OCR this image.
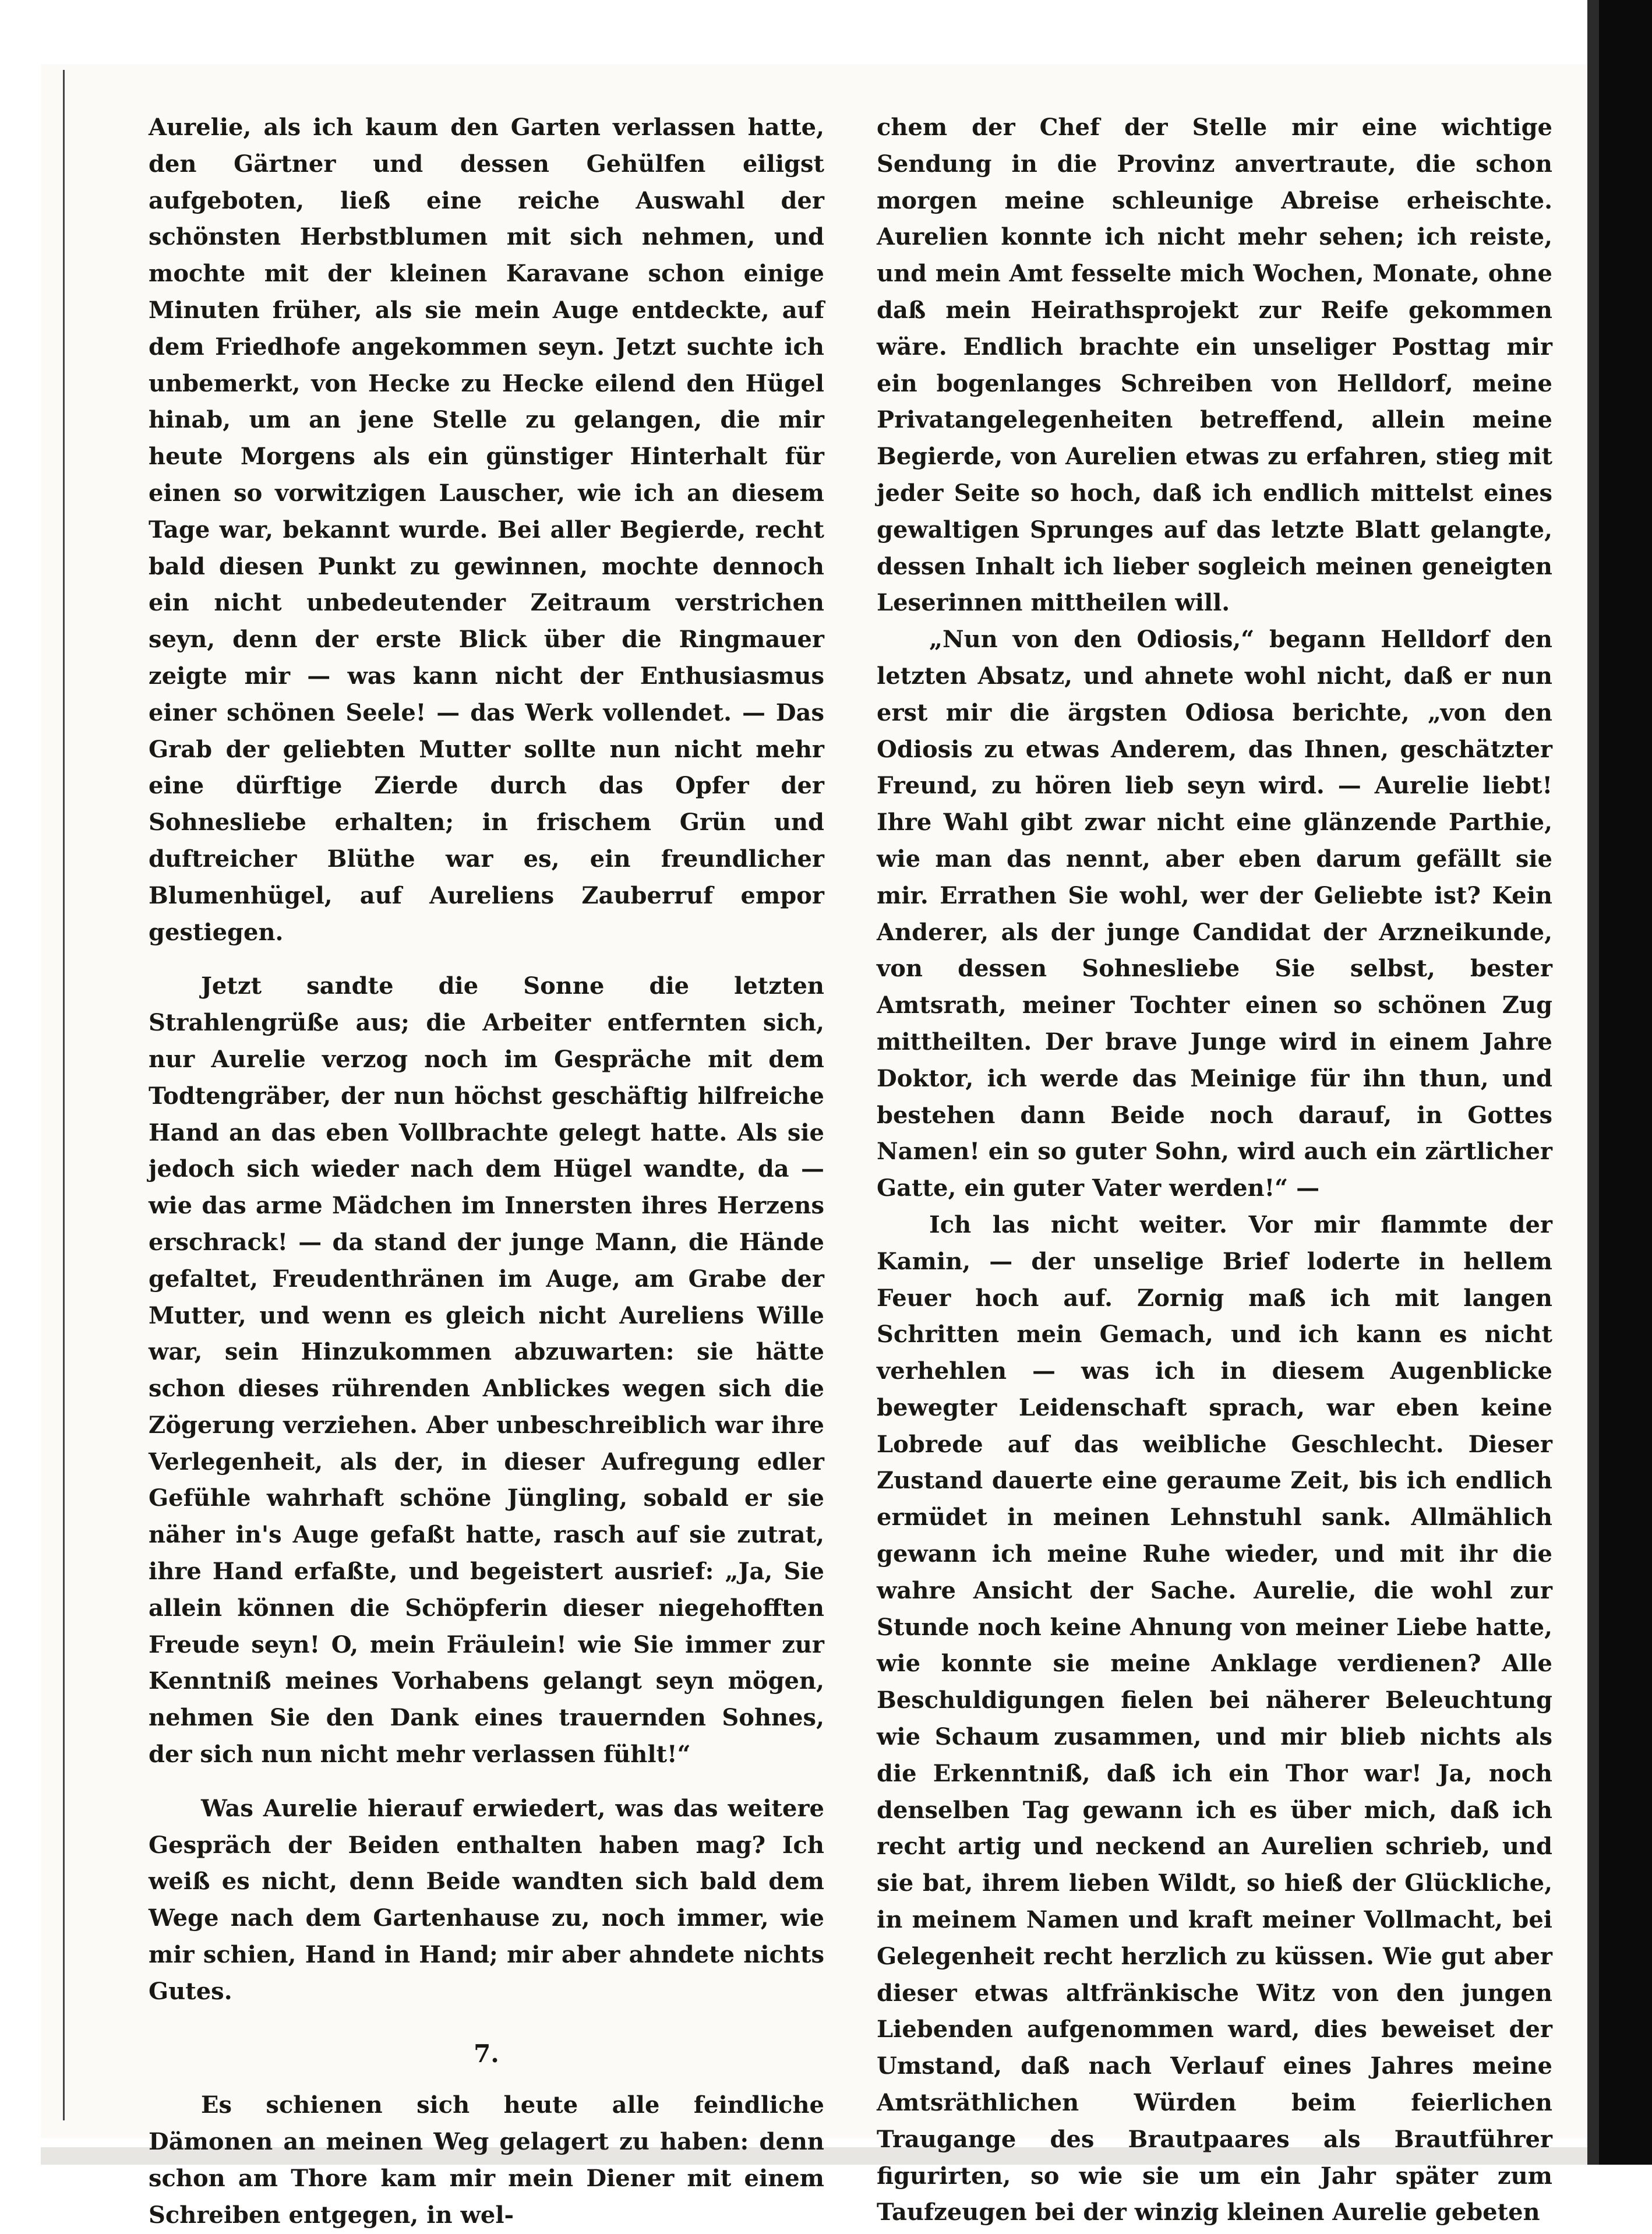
Aurelie, als ich kaum den Garten verlassen hatte, den Gärtner und dessen Gehülfen eiligst aufgeboten, ließ eine reiche Auswahl der schönsten Herbstblumen mit sich nehmen, und mochte mit der kleinen Karavane schon einige Minuten früher, als sie mein Auge entdeckte, auf dem Friedhofe angekommen seyn. Jetzt suchte ich unbemerkt, von Hecke zu Hecke eilend den Hügel hinab, um an jene Stelle zu gelangen, die mir heute Morgens als ein günstiger Hinterhalt für einen so vorwitzigen Lauscher, wie ich an diesem Tage war, bekannt wurde. Bei aller Begierde, recht bald diesen Punkt zu gewinnen, mochte dennoch ein nicht unbedeutender Zeitraum verstrichen seyn, denn der erste Blick über die Ringmauer zeigte mir — was kann nicht der Enthusiasmus einer schönen Seele! — das Werk vollendet. — Das Grab der geliebten Mutter sollte nun nicht mehr eine dürftige Zierde durch das Opfer der Sohnesliebe erhalten; in frischem Grün und duftreicher Blüthe war es, ein freundlicher Blumenhügel, auf Aureliens Zauberruf empor gestiegen.

Jetzt sandte die Sonne die letzten Strahlengrüße aus; die Arbeiter entfernten sich, nur Aurelie verzog noch im Gespräche mit dem Todtengräber, der nun höchst geschäftig hilfreiche Hand an das eben Vollbrachte gelegt hatte. Als sie jedoch sich wieder nach dem Hügel wandte, da — wie das arme Mädchen im Innersten ihres Herzens erschrack! — da stand der junge Mann, die Hände gefaltet, Freudenthränen im Auge, am Grabe der Mutter, und wenn es gleich nicht Aureliens Wille war, sein Hinzukommen abzuwarten: sie hätte schon dieses rührenden Anblickes wegen sich die Zögerung verziehen. Aber unbeschreiblich war ihre Verlegenheit, als der, in dieser Aufregung edler Gefühle wahrhaft schöne Jüngling, sobald er sie näher in's Auge gefaßt hatte, rasch auf sie zutrat, ihre Hand erfaßte, und begeistert ausrief: „Ja, Sie allein können die Schöpferin dieser niegehofften Freude seyn! O, mein Fräulein! wie Sie immer zur Kenntniß meines Vorhabens gelangt seyn mögen, nehmen Sie den Dank eines trauernden Sohnes, der sich nun nicht mehr verlassen fühlt!“

Was Aurelie hierauf erwiedert, was das weitere Gespräch der Beiden enthalten haben mag? Ich weiß es nicht, denn Beide wandten sich bald dem Wege nach dem Gartenhause zu, noch immer, wie mir schien, Hand in Hand; mir aber ahndete nichts Gutes.

7.

Es schienen sich heute alle feindliche Dämonen an meinen Weg gelagert zu haben: denn schon am Thore kam mir mein Diener mit einem Schreiben entgegen, in wel-

chem der Chef der Stelle mir eine wichtige Sendung in die Provinz anvertraute, die schon morgen meine schleunige Abreise erheischte. Aurelien konnte ich nicht mehr sehen; ich reiste, und mein Amt fesselte mich Wochen, Monate, ohne daß mein Heirathsprojekt zur Reife gekommen wäre. Endlich brachte ein unseliger Posttag mir ein bogenlanges Schreiben von Helldorf, meine Privatangelegenheiten betreffend, allein meine Begierde, von Aurelien etwas zu erfahren, stieg mit jeder Seite so hoch, daß ich endlich mittelst eines gewaltigen Sprunges auf das letzte Blatt gelangte, dessen Inhalt ich lieber sogleich meinen geneigten Leserinnen mittheilen will.

„Nun von den Odiosis,“ begann Helldorf den letzten Absatz, und ahnete wohl nicht, daß er nun erst mir die ärgsten Odiosa berichte, „von den Odiosis zu etwas Anderem, das Ihnen, geschätzter Freund, zu hören lieb seyn wird. — Aurelie liebt! Ihre Wahl gibt zwar nicht eine glänzende Parthie, wie man das nennt, aber eben darum gefällt sie mir. Errathen Sie wohl, wer der Geliebte ist? Kein Anderer, als der junge Candidat der Arzneikunde, von dessen Sohnesliebe Sie selbst, bester Amtsrath, meiner Tochter einen so schönen Zug mittheilten. Der brave Junge wird in einem Jahre Doktor, ich werde das Meinige für ihn thun, und bestehen dann Beide noch darauf, in Gottes Namen! ein so guter Sohn, wird auch ein zärtlicher Gatte, ein guter Vater werden!“ —

Ich las nicht weiter. Vor mir flammte der Kamin, — der unselige Brief loderte in hellem Feuer hoch auf. Zornig maß ich mit langen Schritten mein Gemach, und ich kann es nicht verhehlen — was ich in diesem Augenblicke bewegter Leidenschaft sprach, war eben keine Lobrede auf das weibliche Geschlecht. Dieser Zustand dauerte eine geraume Zeit, bis ich endlich ermüdet in meinen Lehnstuhl sank. Allmählich gewann ich meine Ruhe wieder, und mit ihr die wahre Ansicht der Sache. Aurelie, die wohl zur Stunde noch keine Ahnung von meiner Liebe hatte, wie konnte sie meine Anklage verdienen? Alle Beschuldigungen fielen bei näherer Beleuchtung wie Schaum zusammen, und mir blieb nichts als die Erkenntniß, daß ich ein Thor war! Ja, noch denselben Tag gewann ich es über mich, daß ich recht artig und neckend an Aurelien schrieb, und sie bat, ihrem lieben Wildt, so hieß der Glückliche, in meinem Namen und kraft meiner Vollmacht, bei Gelegenheit recht herzlich zu küssen. Wie gut aber dieser etwas altfränkische Witz von den jungen Liebenden aufgenommen ward, dies beweiset der Umstand, daß nach Verlauf eines Jahres meine Amtsräthlichen Würden beim feierlichen Traugange des Brautpaares als Brautführer figurirten, so wie sie um ein Jahr später zum Taufzeugen bei der winzig kleinen Aurelie gebeten
